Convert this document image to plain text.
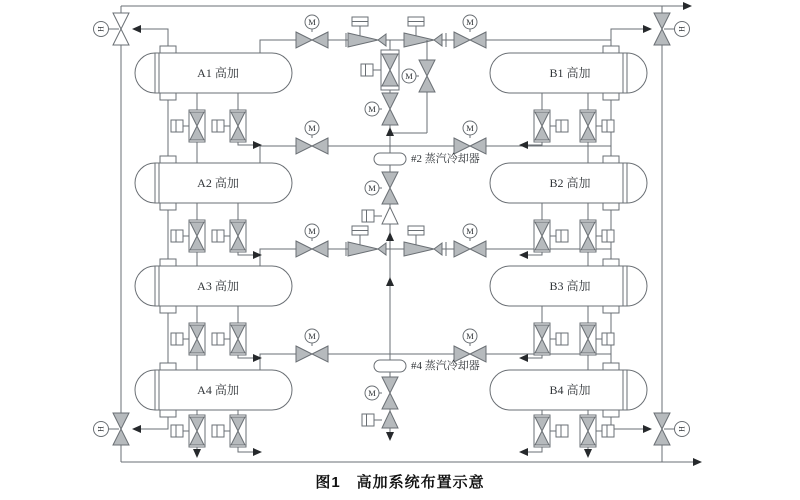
H	H
H	H
A1 高加
A2 高加
A3 高加
A4 高加
B1 高加
B2 高加
B3 高加
B4 高加
#2 蒸汽冷却器
#4 蒸汽冷却器
M	M
M	M
M	M
M	M
M
M
M
M
图1　高加系统布置示意
